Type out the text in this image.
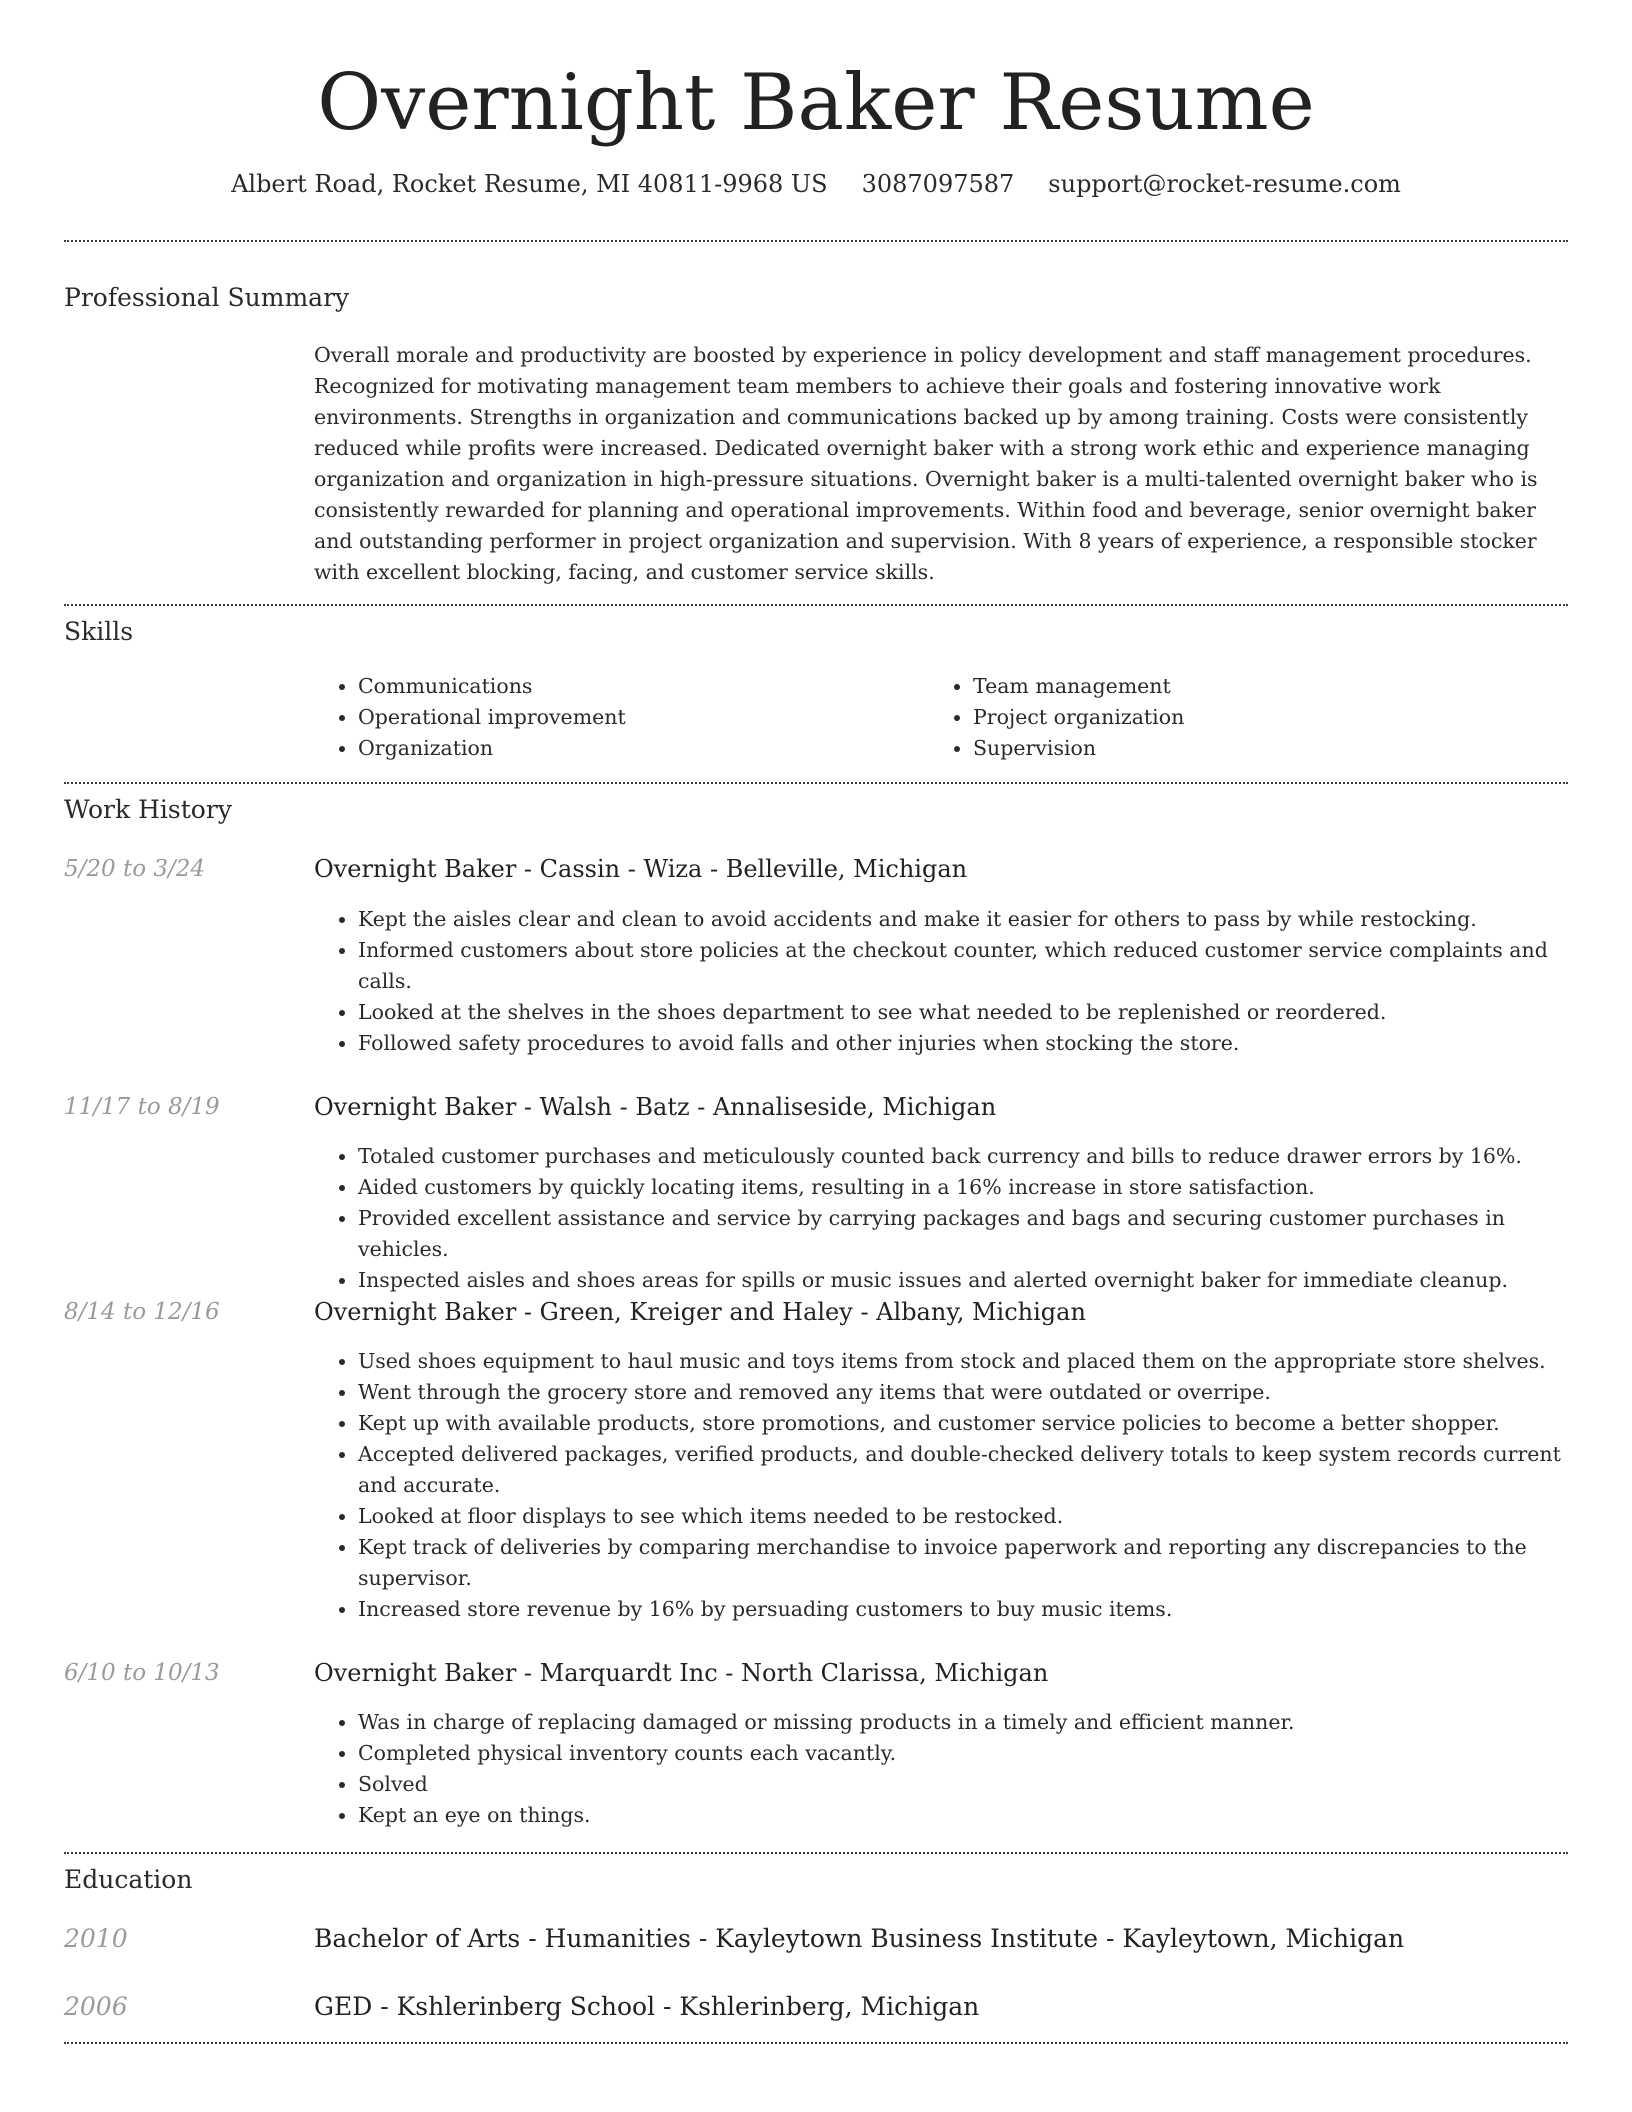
Overnight Baker Resume
Albert Road, Rocket Resume, MI 40811-9968 US 3087097587 support@rocket-resume.com
Professional Summary

Overall morale and productivity are boosted by experience in policy development and staff management procedures. Recognized for motivating management team members to achieve their goals and fostering innovative work environments. Strengths in organization and communications backed up by among training. Costs were consistently reduced while profits were increased. Dedicated overnight baker with a strong work ethic and experience managing organization and organization in high-pressure situations. Overnight baker is a multi-talented overnight baker who is consistently rewarded for planning and operational improvements. Within food and beverage, senior overnight baker and outstanding performer in project organization and supervision. With 8 years of experience, a responsible stocker with excellent blocking, facing, and customer service skills.

Skills
• Communications
• Operational improvement
• Organization
• Team management
• Project organization
• Supervision
Work History
5/20 to 3/24	Overnight Baker - Cassin - Wiza - Belleville, Michigan
• Kept the aisles clear and clean to avoid accidents and make it easier for others to pass by while restocking.
• Informed customers about store policies at the checkout counter, which reduced customer service complaints and calls.
• Looked at the shelves in the shoes department to see what needed to be replenished or reordered.
• Followed safety procedures to avoid falls and other injuries when stocking the store.
11/17 to 8/19	Overnight Baker - Walsh - Batz - Annaliseside, Michigan
• Totaled customer purchases and meticulously counted back currency and bills to reduce drawer errors by 16%.
• Aided customers by quickly locating items, resulting in a 16% increase in store satisfaction.
• Provided excellent assistance and service by carrying packages and bags and securing customer purchases in vehicles.
• Inspected aisles and shoes areas for spills or music issues and alerted overnight baker for immediate cleanup.
8/14 to 12/16	Overnight Baker - Green, Kreiger and Haley - Albany, Michigan
• Used shoes equipment to haul music and toys items from stock and placed them on the appropriate store shelves.
• Went through the grocery store and removed any items that were outdated or overripe.
• Kept up with available products, store promotions, and customer service policies to become a better shopper.
• Accepted delivered packages, verified products, and double-checked delivery totals to keep system records current and accurate.
• Looked at floor displays to see which items needed to be restocked.
• Kept track of deliveries by comparing merchandise to invoice paperwork and reporting any discrepancies to the supervisor.
• Increased store revenue by 16% by persuading customers to buy music items.
6/10 to 10/13	Overnight Baker - Marquardt Inc - North Clarissa, Michigan
• Was in charge of replacing damaged or missing products in a timely and efficient manner.
• Completed physical inventory counts each vacantly.
• Solved
• Kept an eye on things.
Education
2010	Bachelor of Arts - Humanities - Kayleytown Business Institute - Kayleytown, Michigan
2006	GED - Kshlerinberg School - Kshlerinberg, Michigan
